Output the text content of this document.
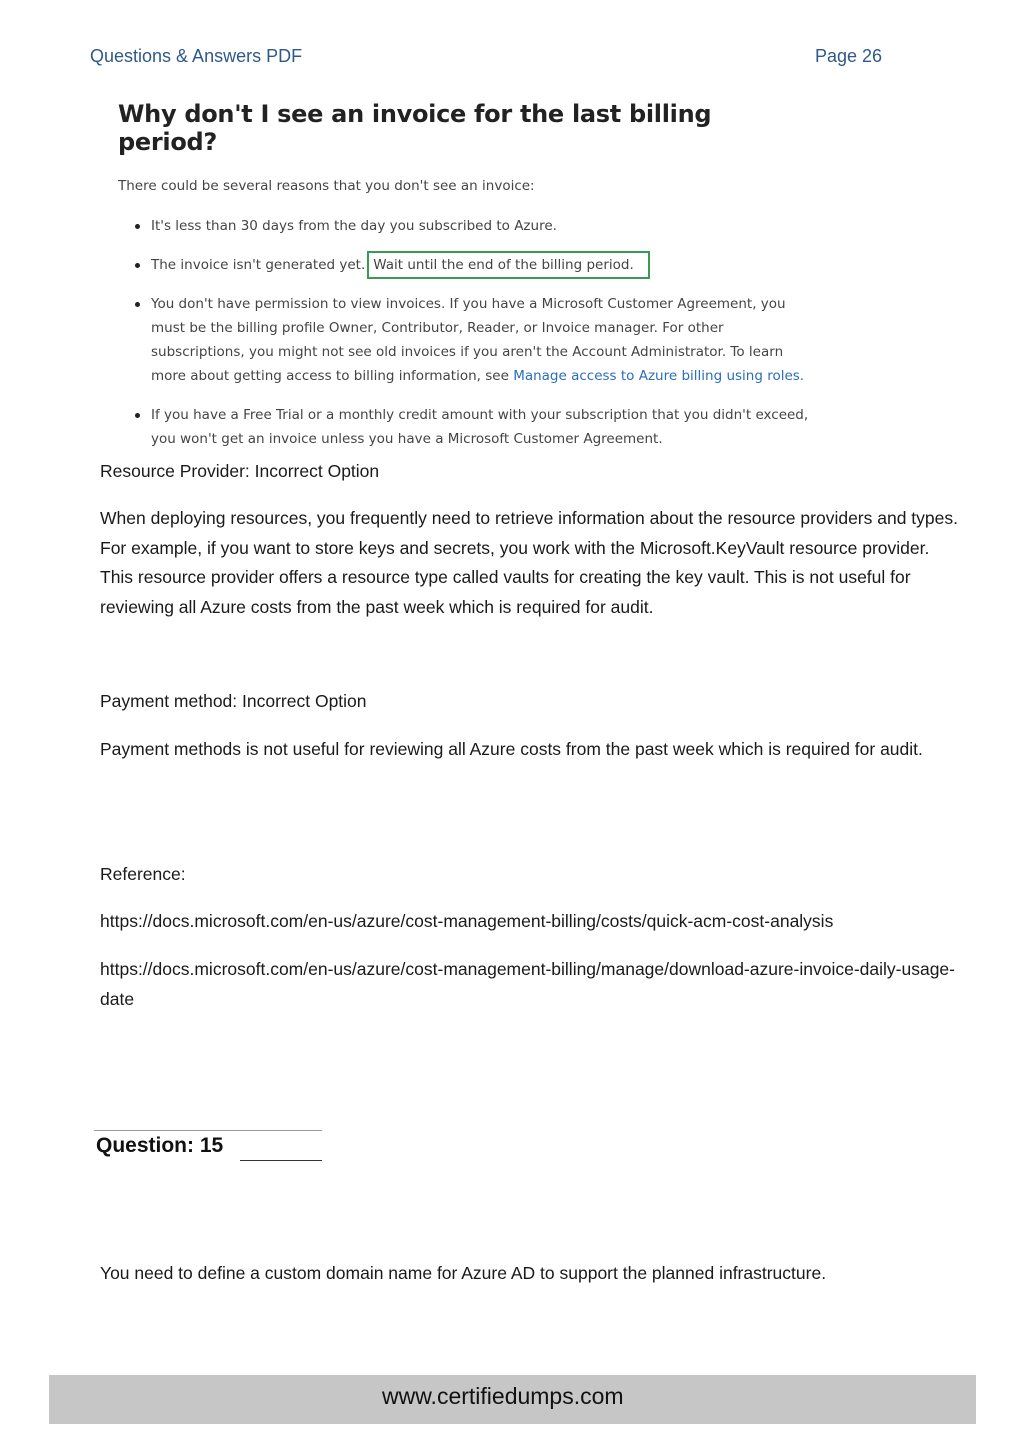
Questions & Answers PDF	Page 26
Why don't I see an invoice for the last billing period?
There could be several reasons that you don't see an invoice:
It's less than 30 days from the day you subscribed to Azure.
The invoice isn't generated yet. Wait until the end of the billing period.
You don't have permission to view invoices. If you have a Microsoft Customer Agreement, you must be the billing profile Owner, Contributor, Reader, or Invoice manager. For other subscriptions, you might not see old invoices if you aren't the Account Administrator. To learn more about getting access to billing information, see Manage access to Azure billing using roles.
If you have a Free Trial or a monthly credit amount with your subscription that you didn't exceed, you won't get an invoice unless you have a Microsoft Customer Agreement.
Resource Provider: Incorrect Option
When deploying resources, you frequently need to retrieve information about the resource providers and types. For example, if you want to store keys and secrets, you work with the Microsoft.KeyVault resource provider. This resource provider offers a resource type called vaults for creating the key vault. This is not useful for reviewing all Azure costs from the past week which is required for audit.
Payment method: Incorrect Option
Payment methods is not useful for reviewing all Azure costs from the past week which is required for audit.
Reference:
https://docs.microsoft.com/en-us/azure/cost-management-billing/costs/quick-acm-cost-analysis
https://docs.microsoft.com/en-us/azure/cost-management-billing/manage/download-azure-invoice-daily-usage-date
Question: 15
You need to define a custom domain name for Azure AD to support the planned infrastructure.
www.certifiedumps.com
